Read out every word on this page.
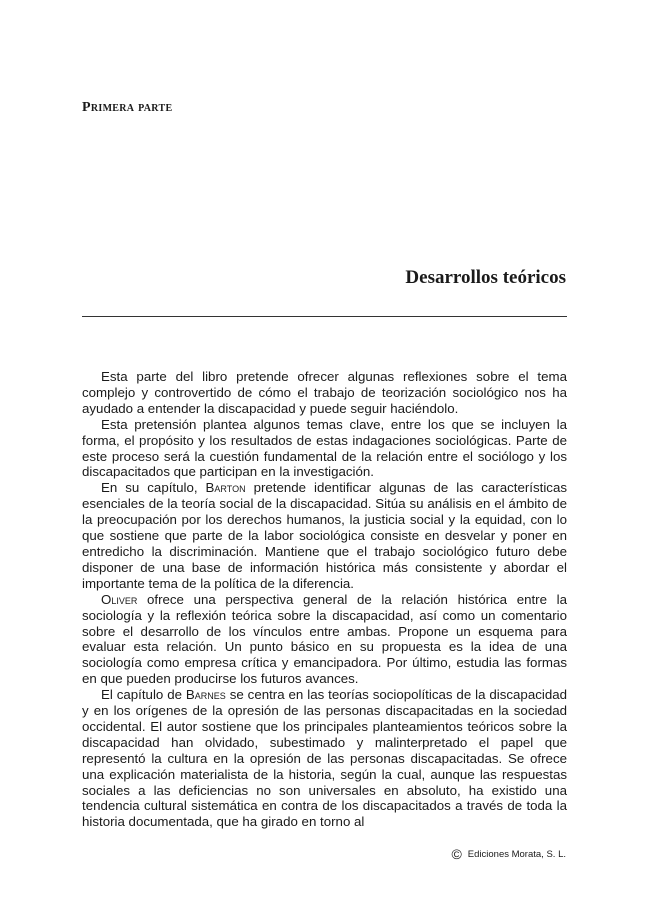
Primera parte
Desarrollos teóricos

Esta parte del libro pretende ofrecer algunas reflexiones sobre el tema complejo y controvertido de cómo el trabajo de teorización sociológico nos ha ayudado a entender la discapacidad y puede seguir haciéndolo.

Esta pretensión plantea algunos temas clave, entre los que se incluyen la forma, el propósito y los resultados de estas indagaciones sociológicas. Parte de este proceso será la cuestión fundamental de la relación entre el sociólogo y los discapacitados que participan en la investigación.

En su capítulo, Barton pretende identificar algunas de las características esenciales de la teoría social de la discapacidad. Sitúa su análisis en el ámbito de la preocupación por los derechos humanos, la justicia social y la equidad, con lo que sostiene que parte de la labor sociológica consiste en desvelar y poner en entredicho la discriminación. Mantiene que el trabajo sociológico futuro debe disponer de una base de información histórica más consistente y abordar el importante tema de la política de la diferencia.

Oliver ofrece una perspectiva general de la relación histórica entre la sociología y la reflexión teórica sobre la discapacidad, así como un comentario sobre el desarrollo de los vínculos entre ambas. Propone un esquema para evaluar esta relación. Un punto básico en su propuesta es la idea de una sociología como empresa crítica y emancipadora. Por último, estudia las formas en que pueden producirse los futuros avances.

El capítulo de Barnes se centra en las teorías sociopolíticas de la discapacidad y en los orígenes de la opresión de las personas discapacitadas en la sociedad occidental. El autor sostiene que los principales planteamientos teóricos sobre la discapacidad han olvidado, subestimado y malinterpretado el papel que representó la cultura en la opresión de las personas discapacitadas. Se ofrece una explicación materialista de la historia, según la cual, aunque las respuestas sociales a las deficiencias no son universales en absoluto, ha existido una tendencia cultural sistemática en contra de los discapacitados a través de toda la historia documentada, que ha girado en torno al

© Ediciones Morata, S. L.
